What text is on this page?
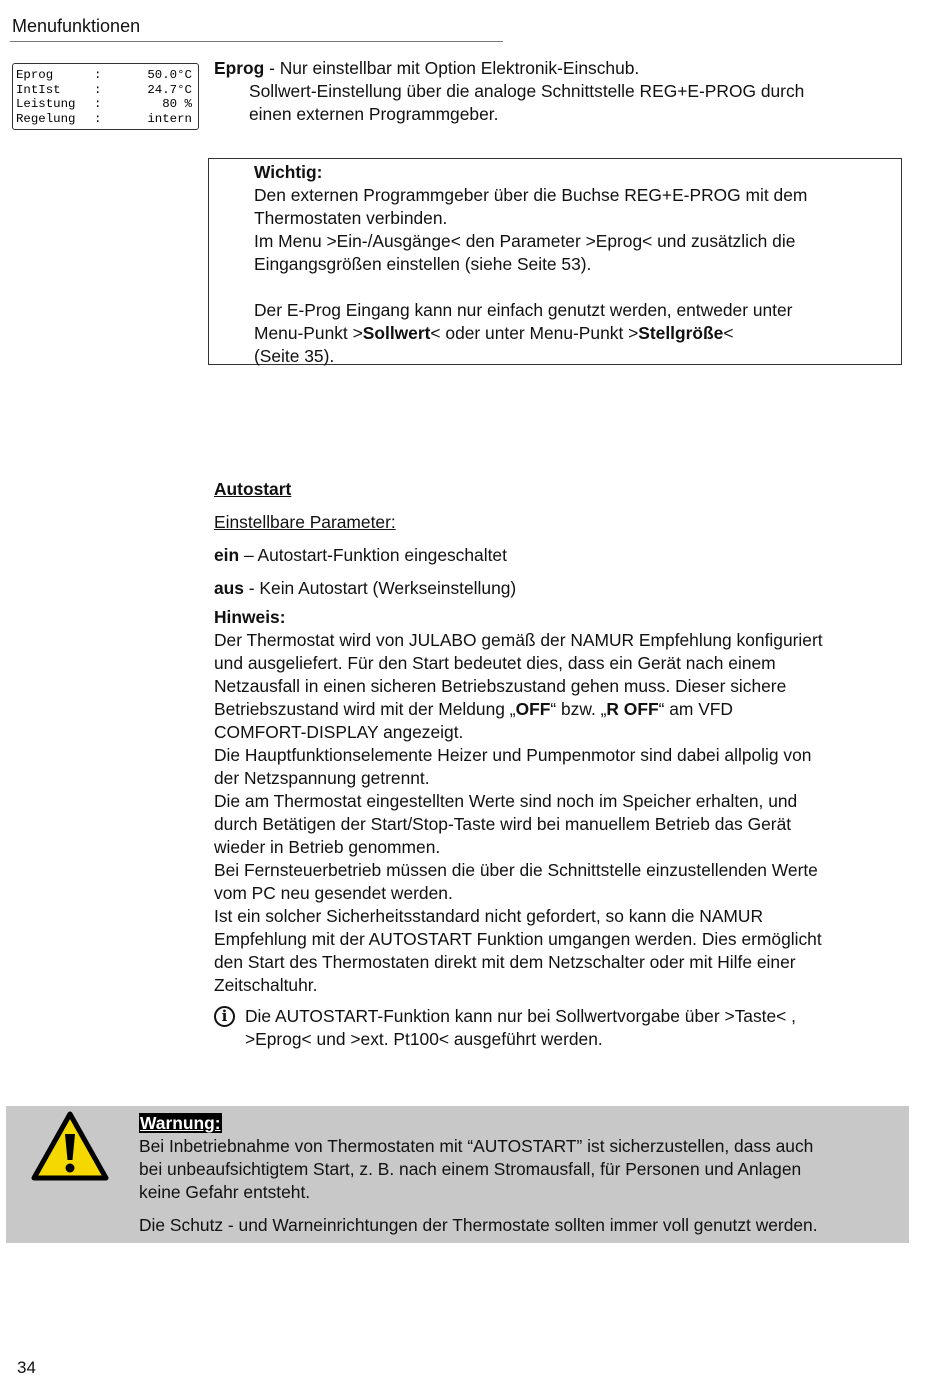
Menufunktionen
Eprog	:	50.0°C
IntIst	:	24.7°C
Leistung	:	80 %
Regelung	:	intern
Eprog - Nur einstellbar mit Option Elektronik-Einschub.
Sollwert-Einstellung über die analoge Schnittstelle REG+E-PROG durch
einen externen Programmgeber.
Wichtig:
Den externen Programmgeber über die Buchse REG+E-PROG mit dem
Thermostaten verbinden.
Im Menu >Ein-/Ausgänge< den Parameter >Eprog< und zusätzlich die
Eingangsgrößen einstellen (siehe Seite 53).
Der E-Prog Eingang kann nur einfach genutzt werden, entweder unter
Menu-Punkt >Sollwert< oder unter Menu-Punkt >Stellgröße<
(Seite 35).
Autostart
Einstellbare Parameter:
ein – Autostart-Funktion eingeschaltet
aus - Kein Autostart (Werkseinstellung)
Hinweis:
Der Thermostat wird von JULABO gemäß der NAMUR Empfehlung konfiguriert
und ausgeliefert. Für den Start bedeutet dies, dass ein Gerät nach einem
Netzausfall in einen sicheren Betriebszustand gehen muss. Dieser sichere
Betriebszustand wird mit der Meldung „OFF“ bzw. „R OFF“ am VFD
COMFORT-DISPLAY angezeigt.
Die Hauptfunktionselemente Heizer und Pumpenmotor sind dabei allpolig von
der Netzspannung getrennt.
Die am Thermostat eingestellten Werte sind noch im Speicher erhalten, und
durch Betätigen der Start/Stop-Taste wird bei manuellem Betrieb das Gerät
wieder in Betrieb genommen.
Bei Fernsteuerbetrieb müssen die über die Schnittstelle einzustellenden Werte
vom PC neu gesendet werden.
Ist ein solcher Sicherheitsstandard nicht gefordert, so kann die NAMUR
Empfehlung mit der AUTOSTART Funktion umgangen werden. Dies ermöglicht
den Start des Thermostaten direkt mit dem Netzschalter oder mit Hilfe einer
Zeitschaltuhr.
i	Die AUTOSTART-Funktion kann nur bei Sollwertvorgabe über >Taste< ,
>Eprog< und >ext. Pt100< ausgeführt werden.
Warnung:
Bei Inbetriebnahme von Thermostaten mit “AUTOSTART” ist sicherzustellen, dass auch
bei unbeaufsichtigtem Start, z. B. nach einem Stromausfall, für Personen und Anlagen
keine Gefahr entsteht.
Die Schutz - und Warneinrichtungen der Thermostate sollten immer voll genutzt werden.
34
